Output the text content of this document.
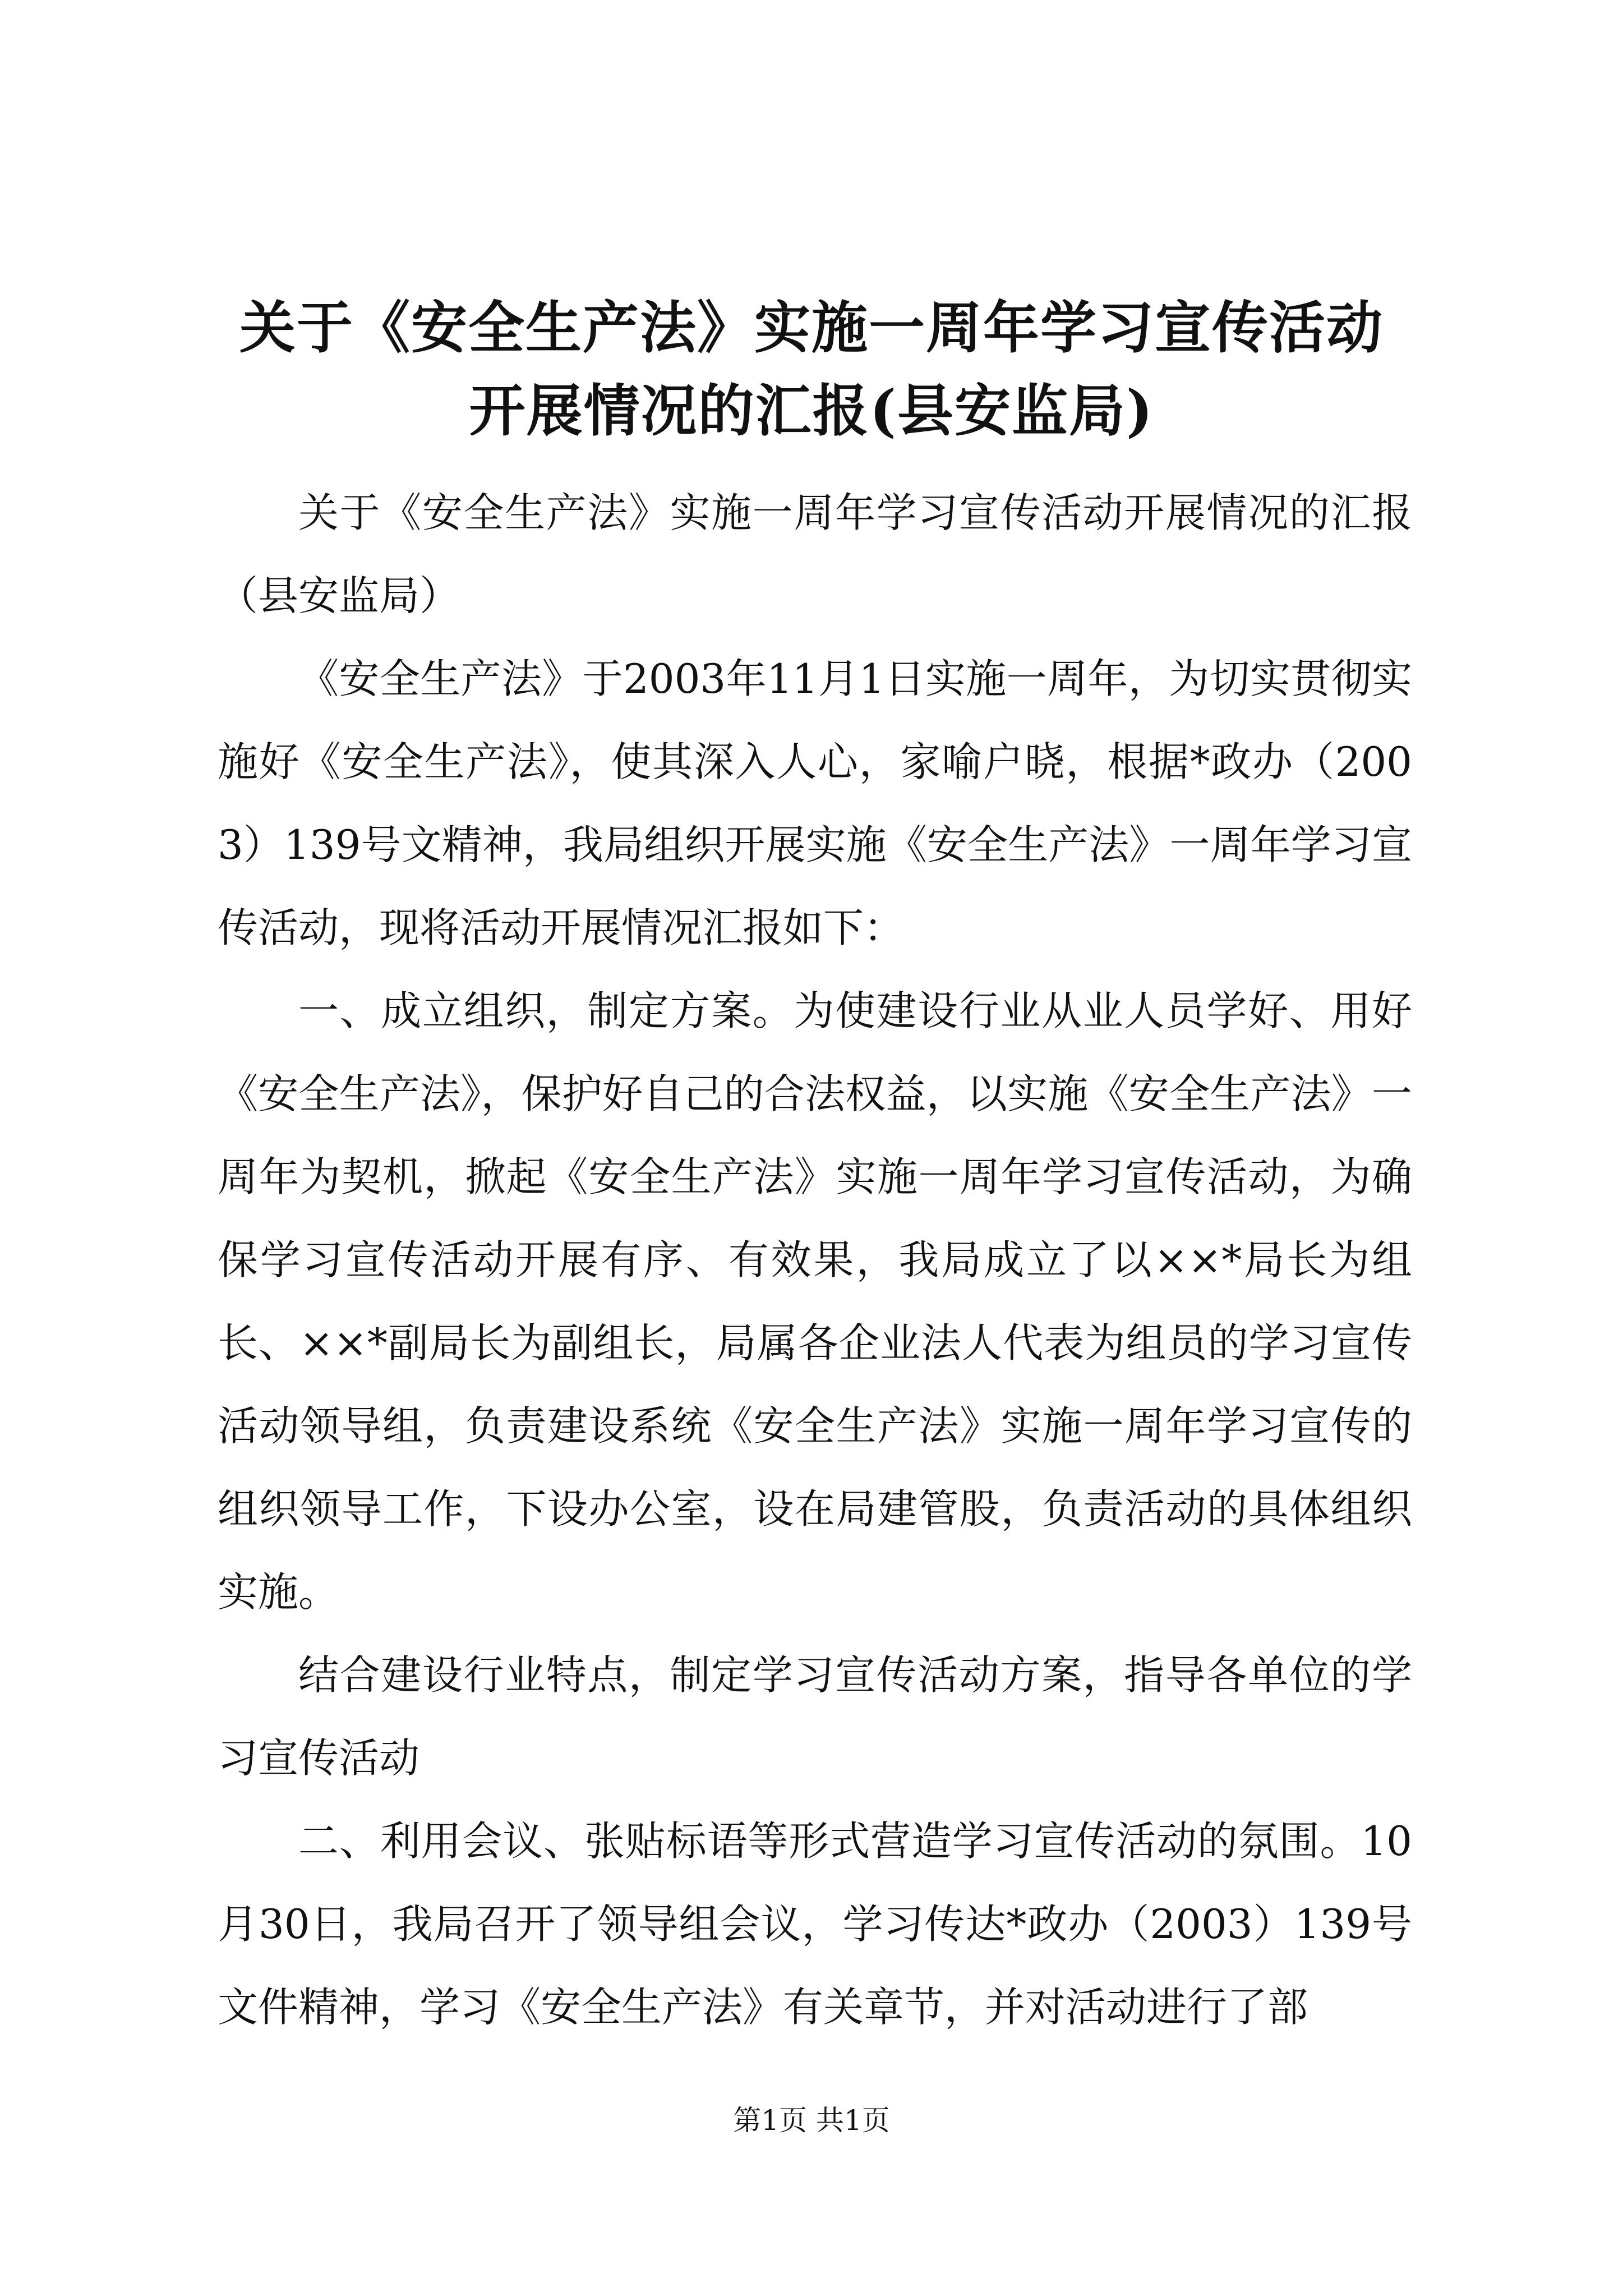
关于《安全生产法》实施一周年学习宣传活动
开展情况的汇报(县安监局)

关于《安全生产法》实施一周年学习宣传活动开展情况的汇报（县安监局）

《安全生产法》于2003年11月1日实施一周年，为切实贯彻实施好《安全生产法》，使其深入人心，家喻户晓，根据*政办（2003）139号文精神，我局组织开展实施《安全生产法》一周年学习宣传活动，现将活动开展情况汇报如下：

一、成立组织，制定方案。为使建设行业从业人员学好、用好《安全生产法》，保护好自己的合法权益，以实施《安全生产法》一周年为契机，掀起《安全生产法》实施一周年学习宣传活动，为确保学习宣传活动开展有序、有效果，我局成立了以××*局长为组长、××*副局长为副组长，局属各企业法人代表为组员的学习宣传活动领导组，负责建设系统《安全生产法》实施一周年学习宣传的组织领导工作，下设办公室，设在局建管股，负责活动的具体组织实施。

结合建设行业特点，制定学习宣传活动方案，指导各单位的学习宣传活动

二、利用会议、张贴标语等形式营造学习宣传活动的氛围。10月30日，我局召开了领导组会议，学习传达*政办（2003）139号文件精神，学习《安全生产法》有关章节，并对活动进行了部

第1页 共1页
